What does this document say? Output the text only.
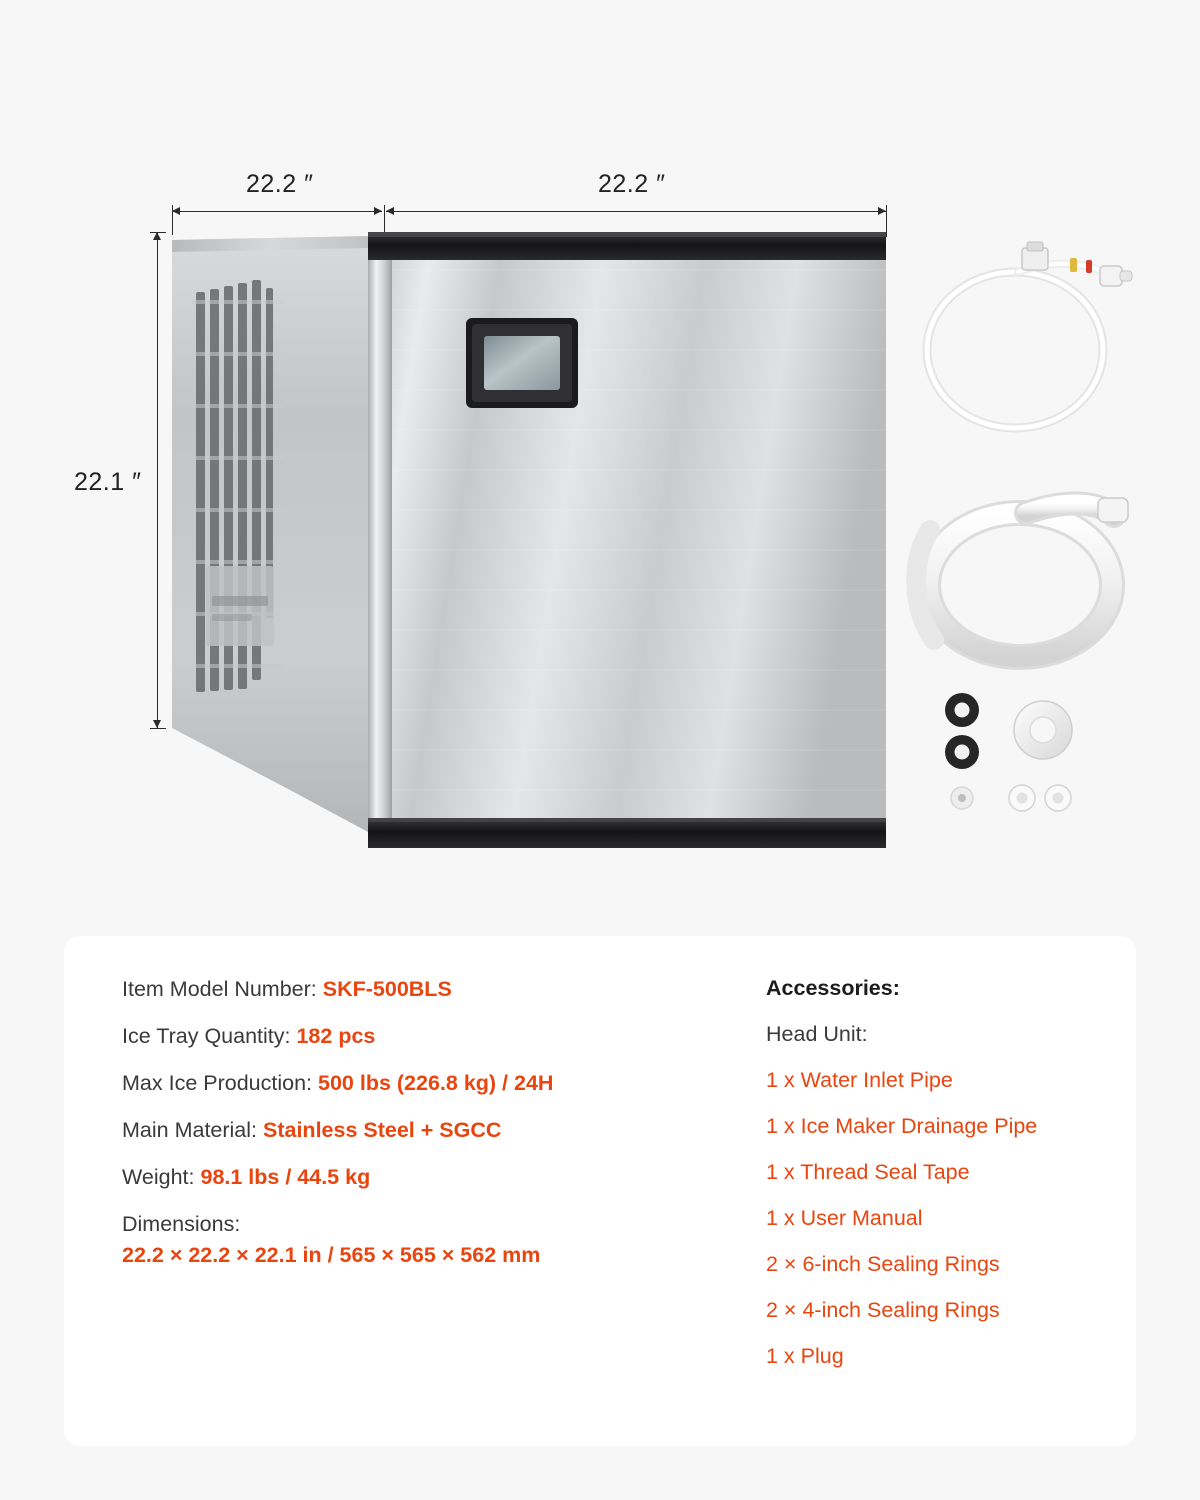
22.2 ″	22.2 ″
22.1 ″
Item Model Number: SKF-500BLS
Ice Tray Quantity: 182 pcs
Max Ice Production: 500 lbs (226.8 kg) / 24H
Main Material: Stainless Steel + SGCC
Weight: 98.1 lbs / 44.5 kg
Dimensions:
22.2 × 22.2 × 22.1 in / 565 × 565 × 562 mm
Accessories:
Head Unit:
1 x Water Inlet Pipe
1 x Ice Maker Drainage Pipe
1 x Thread Seal Tape
1 x User Manual
2 × 6-inch Sealing Rings
2 × 4-inch Sealing Rings
1 x Plug
